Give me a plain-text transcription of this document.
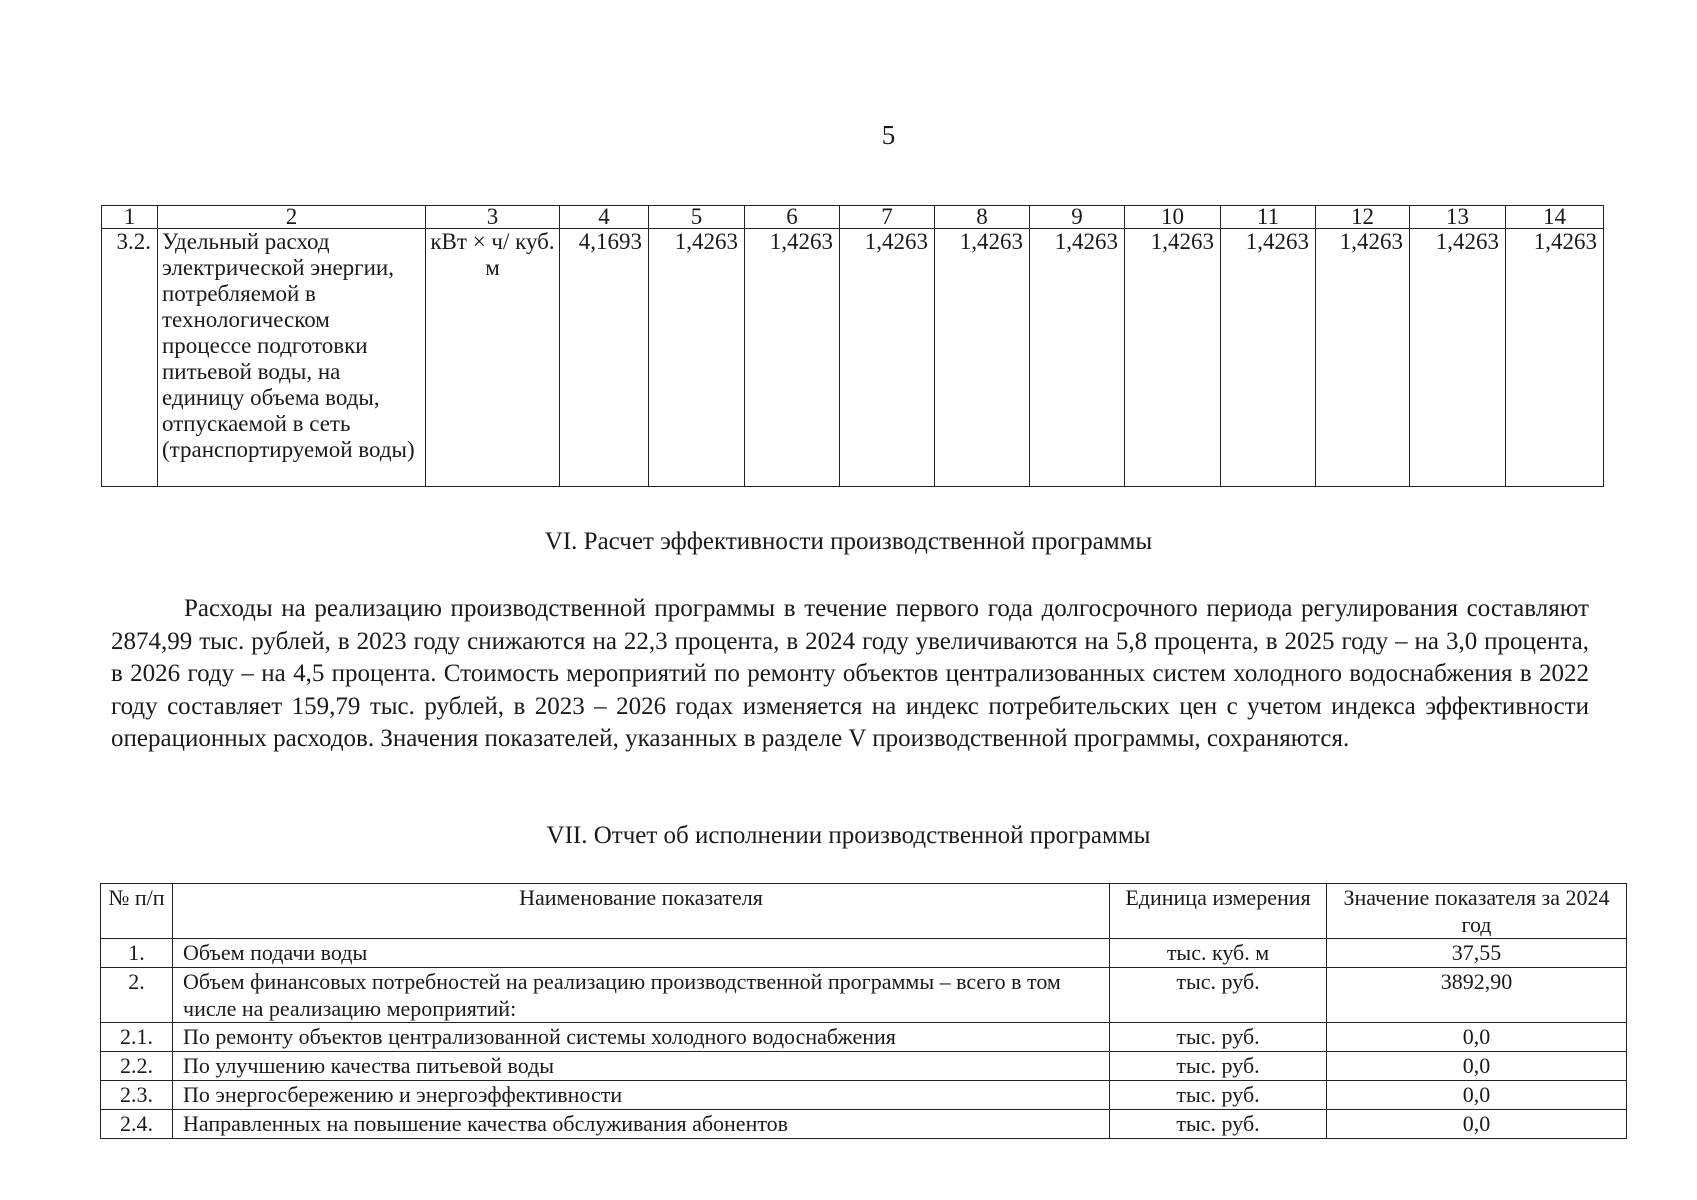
5
1	2	3	4	5	6	7	8	9	10	11	12	13	14
3.2.	Удельный расход электрической энергии, потребляемой в технологическом процессе подготовки питьевой воды, на единицу объема воды, отпускаемой в сеть (транспортируемой воды)	кВт × ч/ куб. м	4,1693	1,4263	1,4263	1,4263	1,4263	1,4263	1,4263	1,4263	1,4263	1,4263	1,4263
VI. Расчет эффективности производственной программы

Расходы на реализацию производственной программы в течение первого года долгосрочного периода регулирования составляют 2874,99 тыс. рублей, в 2023 году снижаются на 22,3 процента, в 2024 году увеличиваются на 5,8 процента, в 2025 году – на 3,0 процента, в 2026 году – на 4,5 процента. Стоимость мероприятий по ремонту объектов централизованных систем холодного водоснабжения в 2022 году составляет 159,79 тыс. рублей, в 2023 – 2026 годах изменяется на индекс потребительских цен с учетом индекса эффективности операционных расходов. Значения показателей, указанных в разделе V производственной программы, сохраняются.

VII. Отчет об исполнении производственной программы
№ п/п	Наименование показателя	Единица измерения	Значение показателя за 2024 год
1.	Объем подачи воды	тыс. куб. м	37,55
2.	Объем финансовых потребностей на реализацию производственной программы – всего в том числе на реализацию мероприятий:	тыс. руб.	3892,90
2.1.	По ремонту объектов централизованной системы холодного водоснабжения	тыс. руб.	0,0
2.2.	По улучшению качества питьевой воды	тыс. руб.	0,0
2.3.	По энергосбережению и энергоэффективности	тыс. руб.	0,0
2.4.	Направленных на повышение качества обслуживания абонентов	тыс. руб.	0,0
